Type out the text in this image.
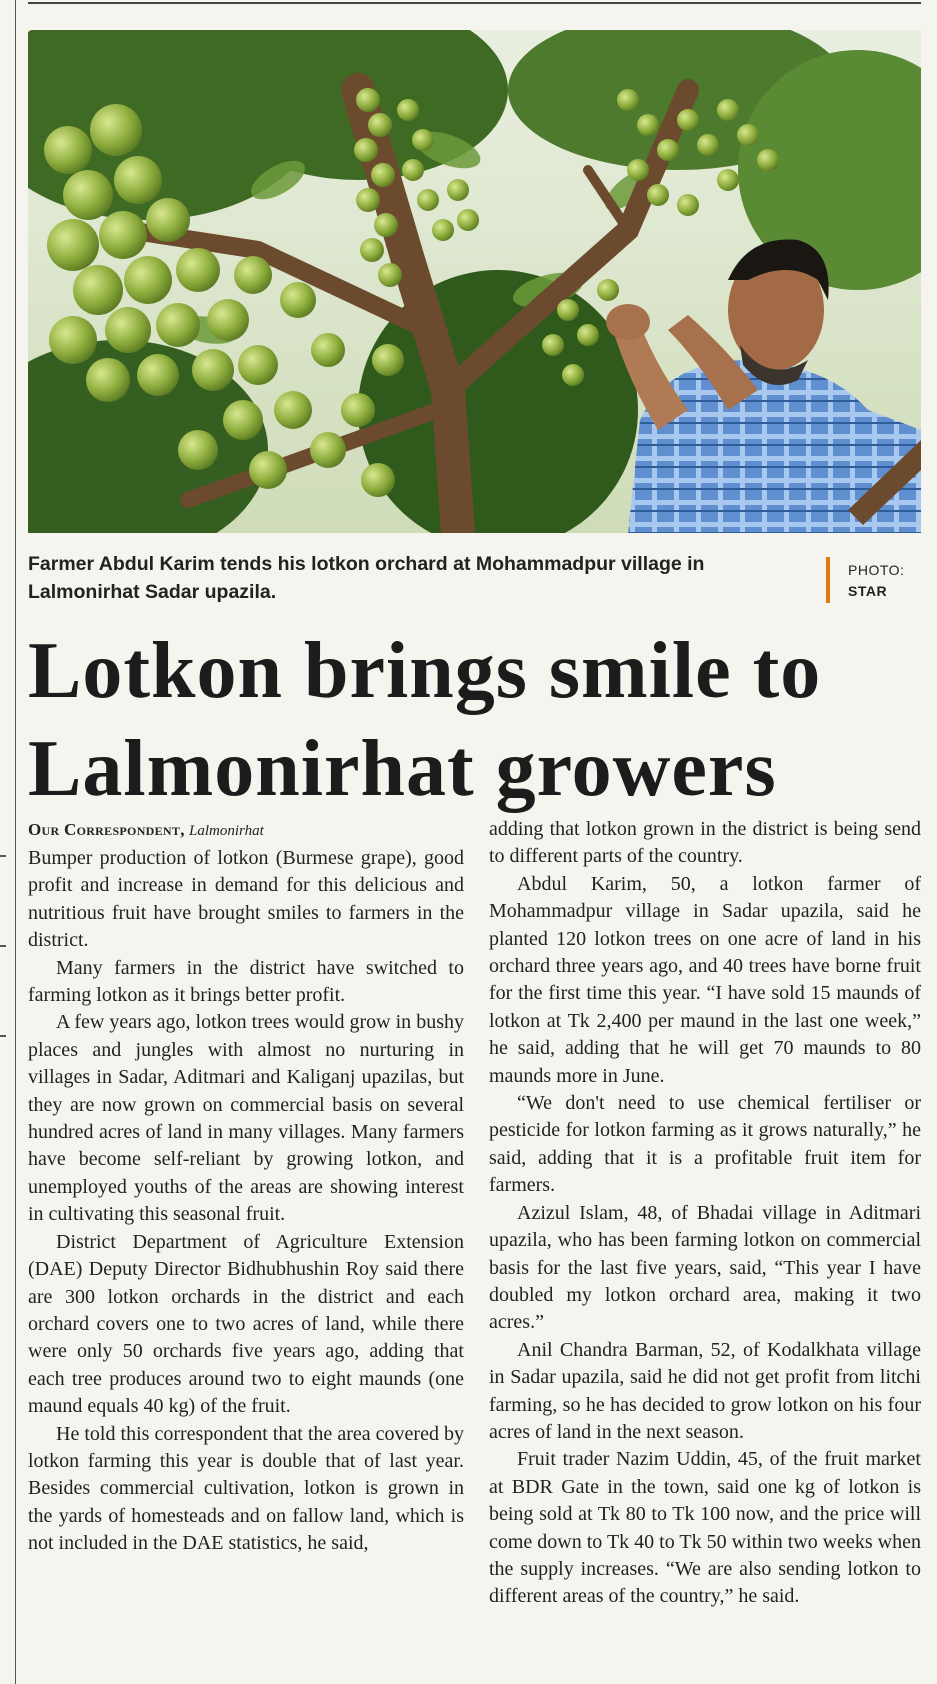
Farmer Abdul Karim tends his lotkon orchard at Mohammadpur village in Lalmonirhat Sadar upazila.
PHOTO:
STAR
Lotkon brings smile to Lalmonirhat growers

Our Correspondent, Lalmonirhat

Bumper production of lotkon (Burmese grape), good profit and increase in demand for this delicious and nutritious fruit have brought smiles to farmers in the district.

Many farmers in the district have switched to farming lotkon as it brings better profit.

A few years ago, lotkon trees would grow in bushy places and jungles with almost no nurturing in villages in Sadar, Aditmari and Kaliganj upazilas, but they are now grown on commercial basis on several hundred acres of land in many villages. Many farmers have become self-reliant by growing lotkon, and unemployed youths of the areas are showing interest in cultivating this seasonal fruit.

District Department of Agriculture Extension (DAE) Deputy Director Bidhubhushin Roy said there are 300 lotkon orchards in the district and each orchard covers one to two acres of land, while there were only 50 orchards five years ago, adding that each tree produces around two to eight maunds (one maund equals 40 kg) of the fruit.

He told this correspondent that the area covered by lotkon farming this year is double that of last year. Besides commercial cultivation, lotkon is grown in the yards of homesteads and on fallow land, which is not included in the DAE statistics, he said,

adding that lotkon grown in the district is being send to different parts of the country.

Abdul Karim, 50, a lotkon farmer of Mohammadpur village in Sadar upazila, said he planted 120 lotkon trees on one acre of land in his orchard three years ago, and 40 trees have borne fruit for the first time this year. “I have sold 15 maunds of lotkon at Tk 2,400 per maund in the last one week,” he said, adding that he will get 70 maunds to 80 maunds more in June.

“We don't need to use chemical fertiliser or pesticide for lotkon farming as it grows naturally,” he said, adding that it is a profitable fruit item for farmers.

Azizul Islam, 48, of Bhadai village in Aditmari upazila, who has been farming lotkon on commercial basis for the last five years, said, “This year I have doubled my lotkon orchard area, making it two acres.”

Anil Chandra Barman, 52, of Kodalkhata village in Sadar upazila, said he did not get profit from litchi farming, so he has decided to grow lotkon on his four acres of land in the next season.

Fruit trader Nazim Uddin, 45, of the fruit market at BDR Gate in the town, said one kg of lotkon is being sold at Tk 80 to Tk 100 now, and the price will come down to Tk 40 to Tk 50 within two weeks when the supply increases. “We are also sending lotkon to different areas of the country,” he said.
